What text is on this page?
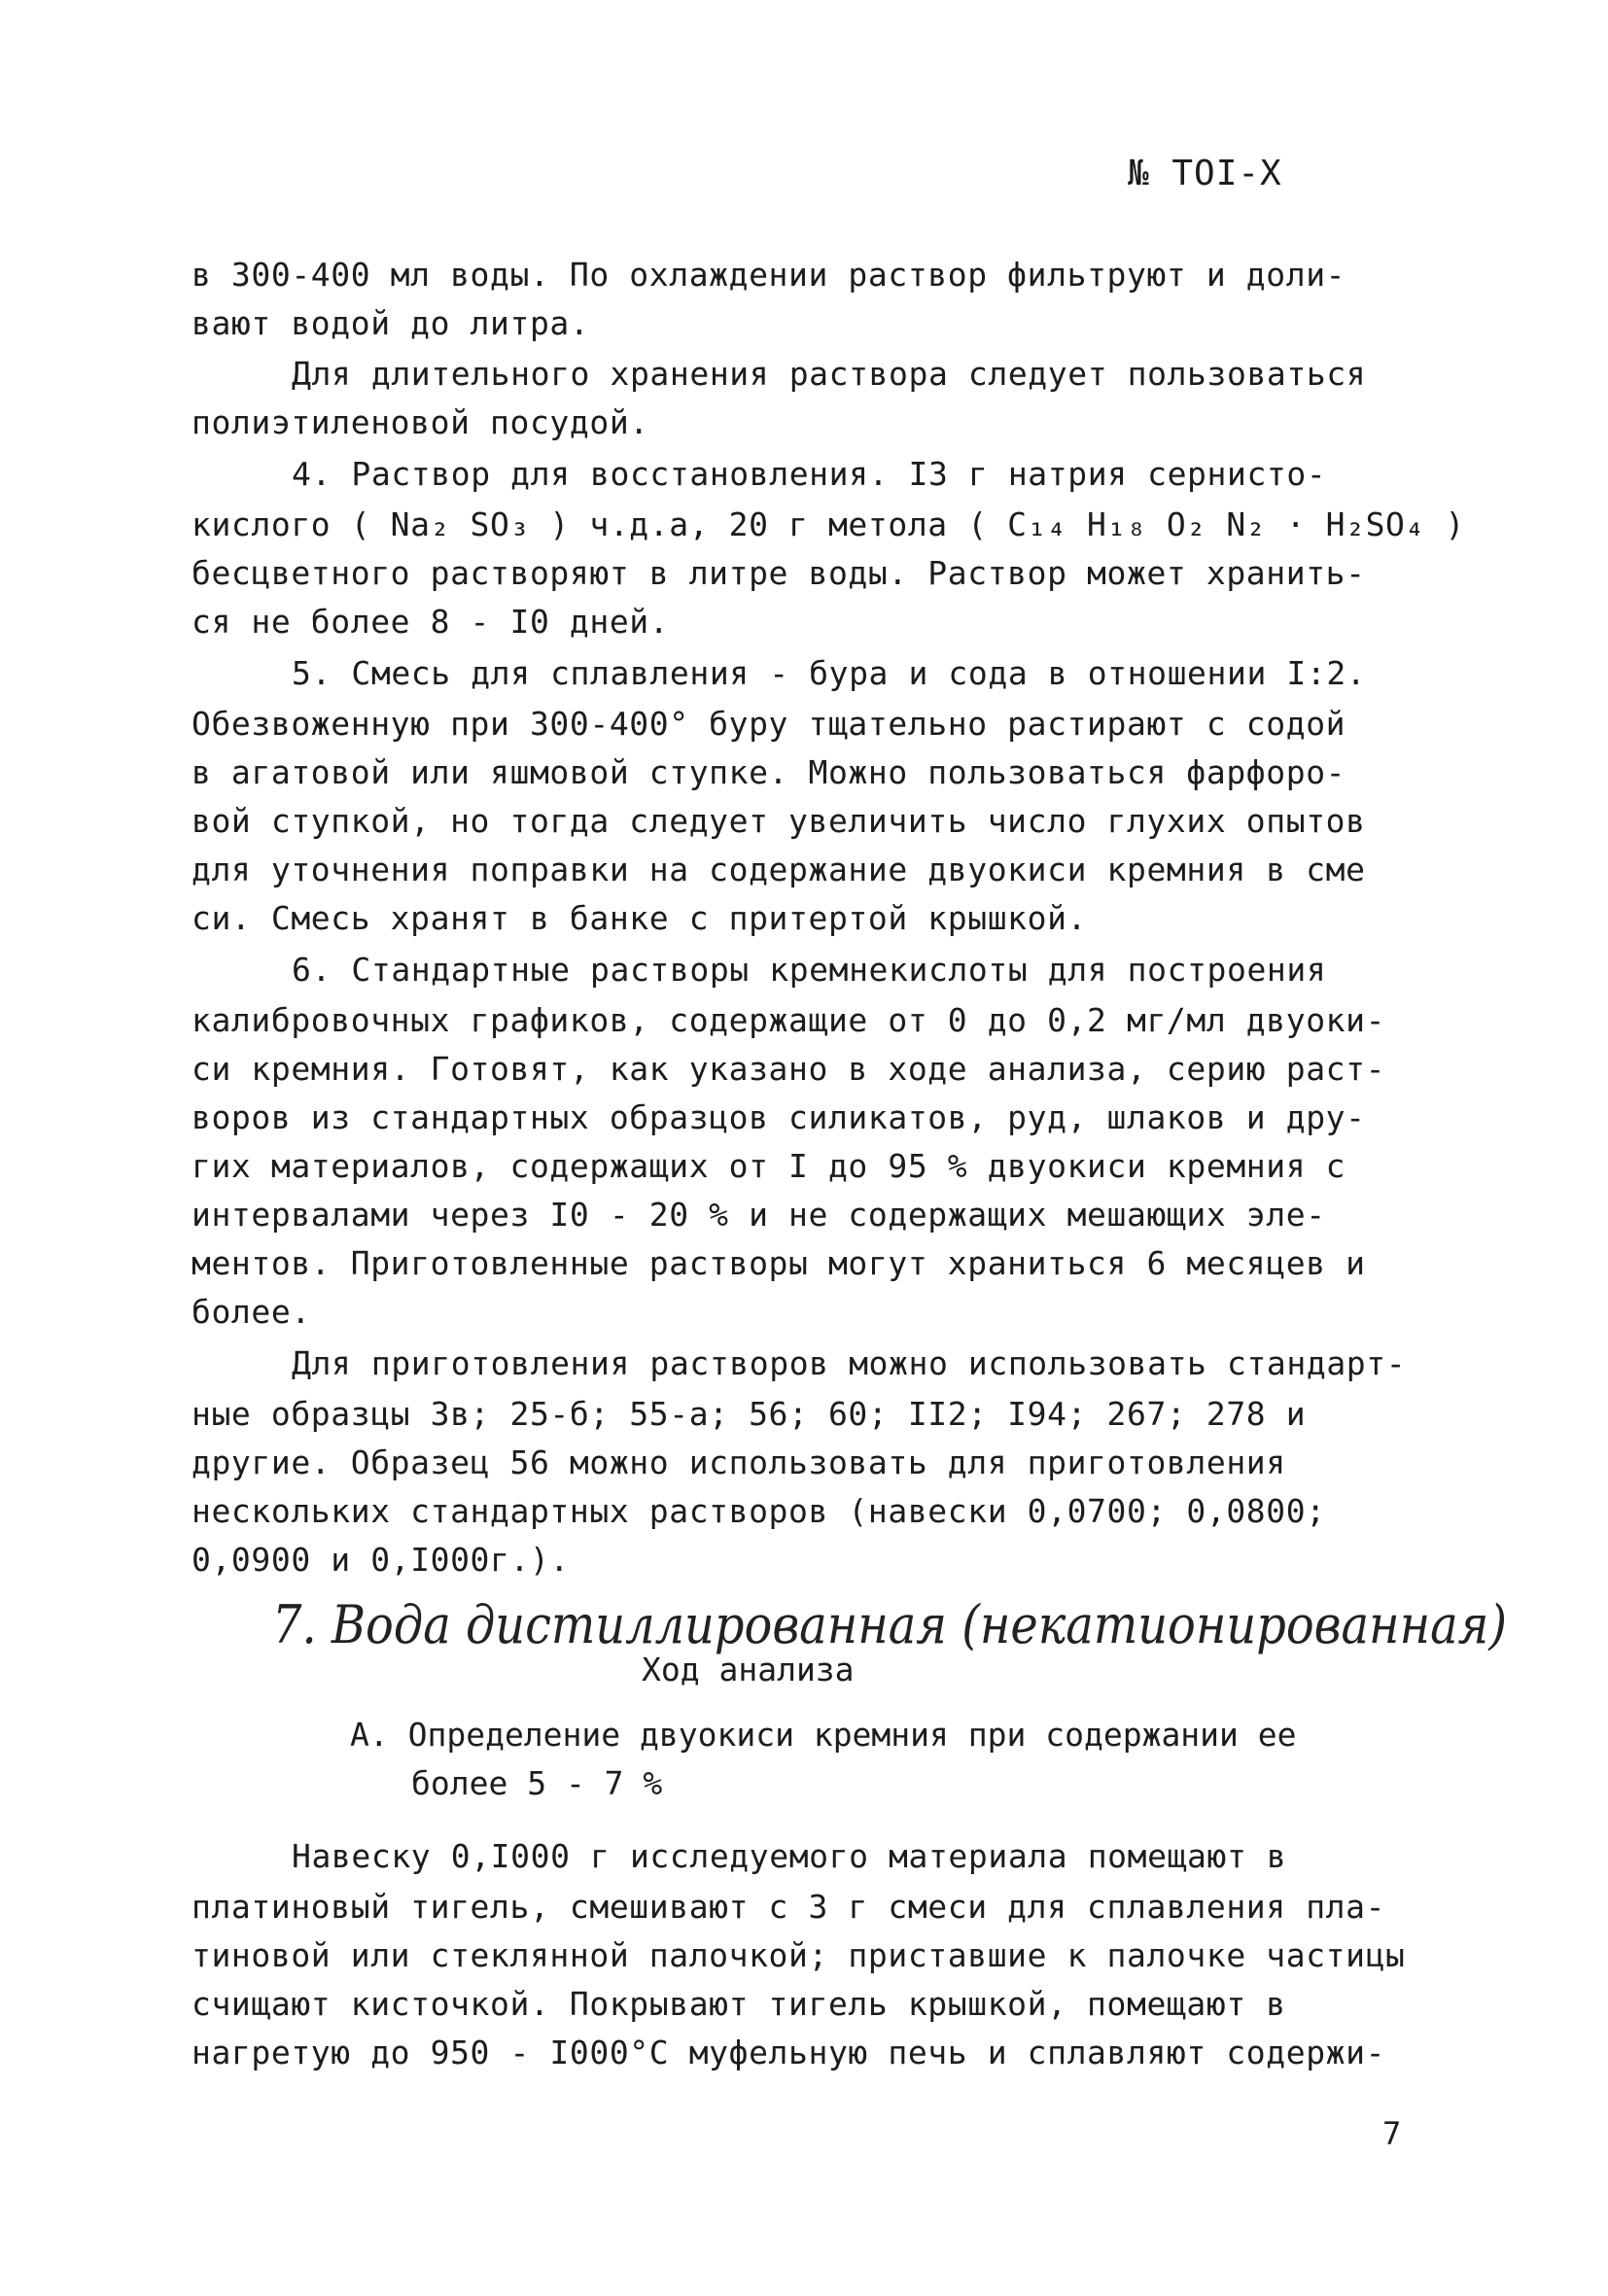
№ TOI-X
в 300-400 мл воды. По охлаждении раствор фильтруют и доли-
вают водой до литра.
Для длительного хранения раствора следует пользоваться
полиэтиленовой посудой.
4. Раствор для восстановления. I3 г натрия сернисто-
кислого ( Na₂ SO₃ ) ч.д.а, 20 г метола ( C₁₄ H₁₈ O₂ N₂ · H₂SO₄ )
бесцветного растворяют в литре воды. Раствор может хранить-
ся не более 8 - I0 дней.
5. Смесь для сплавления - бура и сода в отношении I:2.
Обезвоженную при 300-400° буру тщательно растирают с содой
в агатовой или яшмовой ступке. Можно пользоваться фарфоро-
вой ступкой, но тогда следует увеличить число глухих опытов
для уточнения поправки на содержание двуокиси кремния в сме
си. Смесь хранят в банке с притертой крышкой.
6. Стандартные растворы кремнекислоты для построения
калибровочных графиков, содержащие от 0 до 0,2 мг/мл двуоки-
си кремния. Готовят, как указано в ходе анализа, серию раст-
воров из стандартных образцов силикатов, руд, шлаков и дру-
гих материалов, содержащих от I до 95 % двуокиси кремния с
интервалами через I0 - 20 % и не содержащих мешающих эле-
ментов. Приготовленные растворы могут храниться 6 месяцев и
более.
Для приготовления растворов можно использовать стандарт-
ные образцы 3в; 25-б; 55-а; 56; 60; II2; I94; 267; 278 и
другие. Образец 56 можно использовать для приготовления
нескольких стандартных растворов (навески 0,0700; 0,0800;
0,0900 и 0,I000г.).
7. Вода дистиллированная (некатионированная)
Ход анализа
А. Определение двуокиси кремния при содержании ее
более 5 - 7 %
Навеску 0,I000 г исследуемого материала помещают в
платиновый тигель, смешивают с 3 г смеси для сплавления пла-
тиновой или стеклянной палочкой; приставшие к палочке частицы
счищают кисточкой. Покрывают тигель крышкой, помещают в
нагретую до 950 - I000°С муфельную печь и сплавляют содержи-
7
